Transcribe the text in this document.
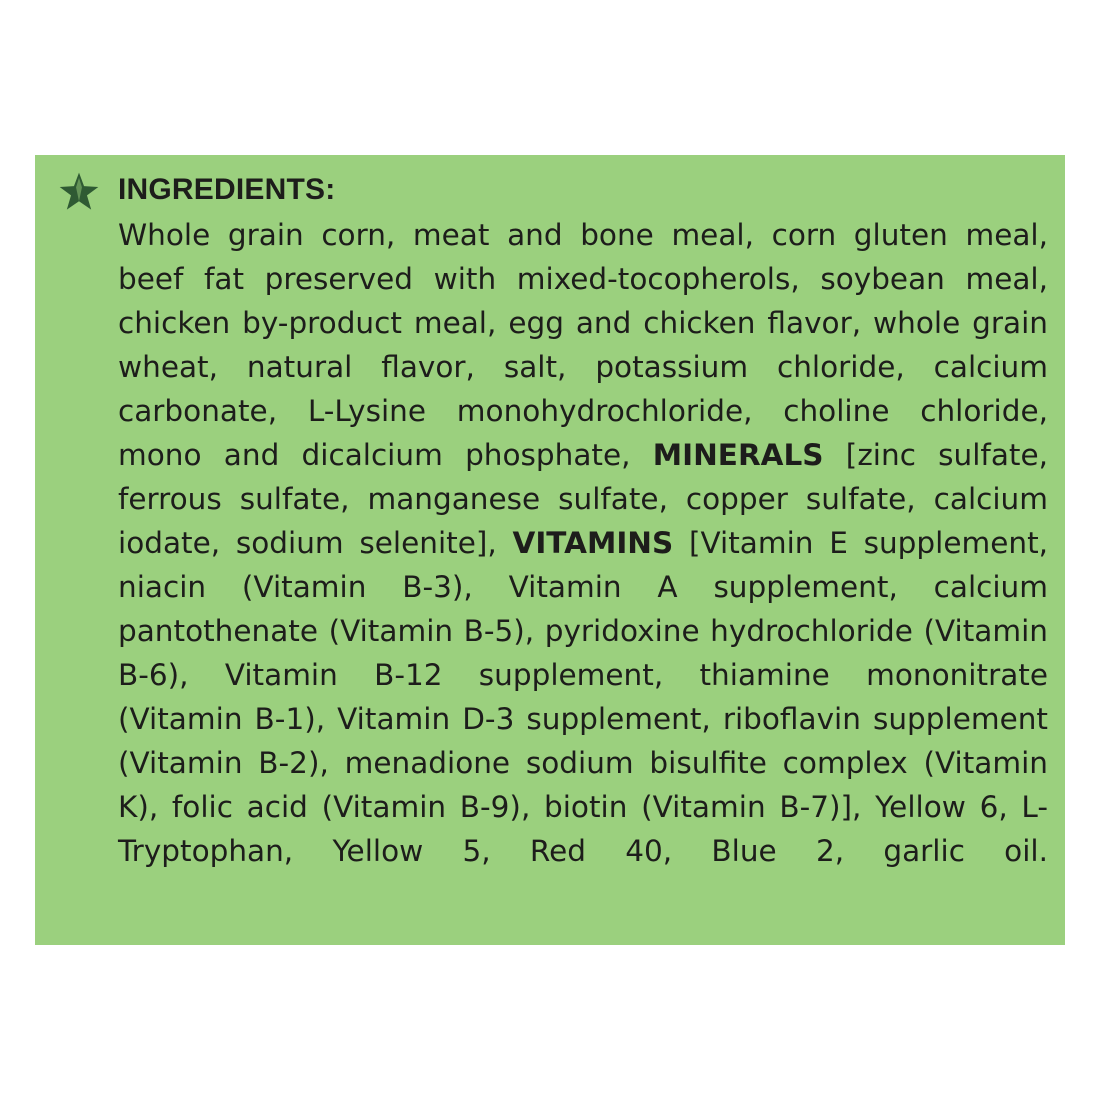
INGREDIENTS:

Whole grain corn, meat and bone meal, corn gluten meal, beef fat preserved with mixed-tocopherols, soybean meal, chicken by-product meal, egg and chicken flavor, whole grain wheat, natural flavor, salt, potassium chloride, calcium carbonate, L-Lysine monohydrochloride, choline chloride, mono and dicalcium phosphate, MINERALS [zinc sulfate, ferrous sulfate, manganese sulfate, copper sulfate, calcium iodate, sodium selenite], VITAMINS [Vitamin E supplement, niacin (Vitamin B-3), Vitamin A supplement, calcium pantothenate (Vitamin B-5), pyridoxine hydrochloride (Vitamin B-6), Vitamin B-12 supplement, thiamine mononitrate (Vitamin B-1), Vitamin D-3 supplement, riboflavin supplement (Vitamin B-2), menadione sodium bisulfite complex (Vitamin K), folic acid (Vitamin B-9), biotin (Vitamin B-7)], Yellow 6, L-Tryptophan, Yellow 5, Red 40, Blue 2, garlic oil.
